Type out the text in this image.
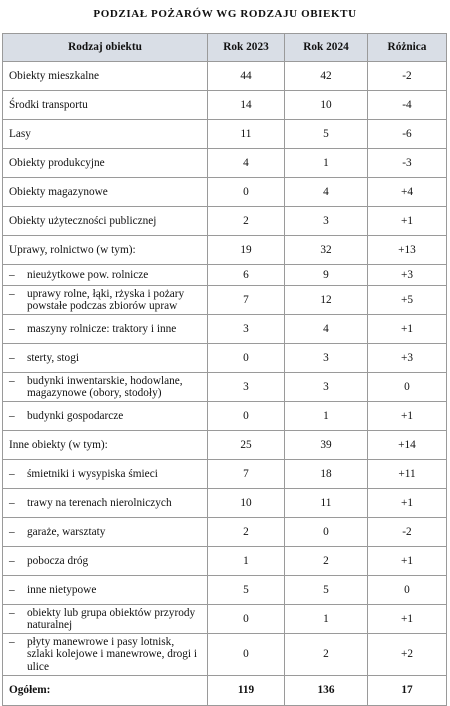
PODZIAŁ POŻARÓW WG RODZAJU OBIEKTU
Rodzaj obiektu	Rok 2023	Rok 2024	Różnica
Obiekty mieszkalne	44	42	-2
Środki transportu	14	10	-4
Lasy	11	5	-6
Obiekty produkcyjne	4	1	-3
Obiekty magazynowe	0	4	+4
Obiekty użyteczności publicznej	2	3	+1
Uprawy, rolnictwo (w tym):	19	32	+13

– nieużytkowe pow. rolnicze	6	9	+3

– uprawy rolne, łąki, rżyska i pożary powstałe podczas zbiorów upraw	7	12	+5

– maszyny rolnicze: traktory i inne	3	4	+1

– sterty, stogi	0	3	+3

– budynki inwentarskie, hodowlane, magazynowe (obory, stodoły)	3	3	0

– budynki gospodarcze	0	1	+1
Inne obiekty (w tym):	25	39	+14

– śmietniki i wysypiska śmieci	7	18	+11

– trawy na terenach nierolniczych	10	11	+1

– garaże, warsztaty	2	0	-2

– pobocza dróg	1	2	+1

– inne nietypowe	5	5	0

– obiekty lub grupa obiektów przyrody naturalnej	0	1	+1

– płyty manewrowe i pasy lotnisk, szlaki kolejowe i manewrowe, drogi i ulice	0	2	+2
Ogółem:	119	136	17
